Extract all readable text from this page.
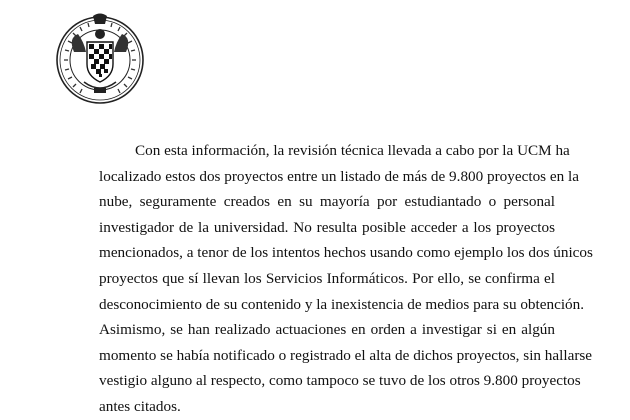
Con esta información, la revisión técnica llevada a cabo por la UCM ha
localizado estos dos proyectos entre un listado de más de 9.800 proyectos en la
nube, seguramente creados en su mayoría por estudiantado o personal
investigador de la universidad. No resulta posible acceder a los proyectos
mencionados, a tenor de los intentos hechos usando como ejemplo los dos únicos
proyectos que sí llevan los Servicios Informáticos. Por ello, se confirma el
desconocimiento de su contenido y la inexistencia de medios para su obtención.
Asimismo, se han realizado actuaciones en orden a investigar si en algún
momento se había notificado o registrado el alta de dichos proyectos, sin hallarse
vestigio alguno al respecto, como tampoco se tuvo de los otros 9.800 proyectos
antes citados.
